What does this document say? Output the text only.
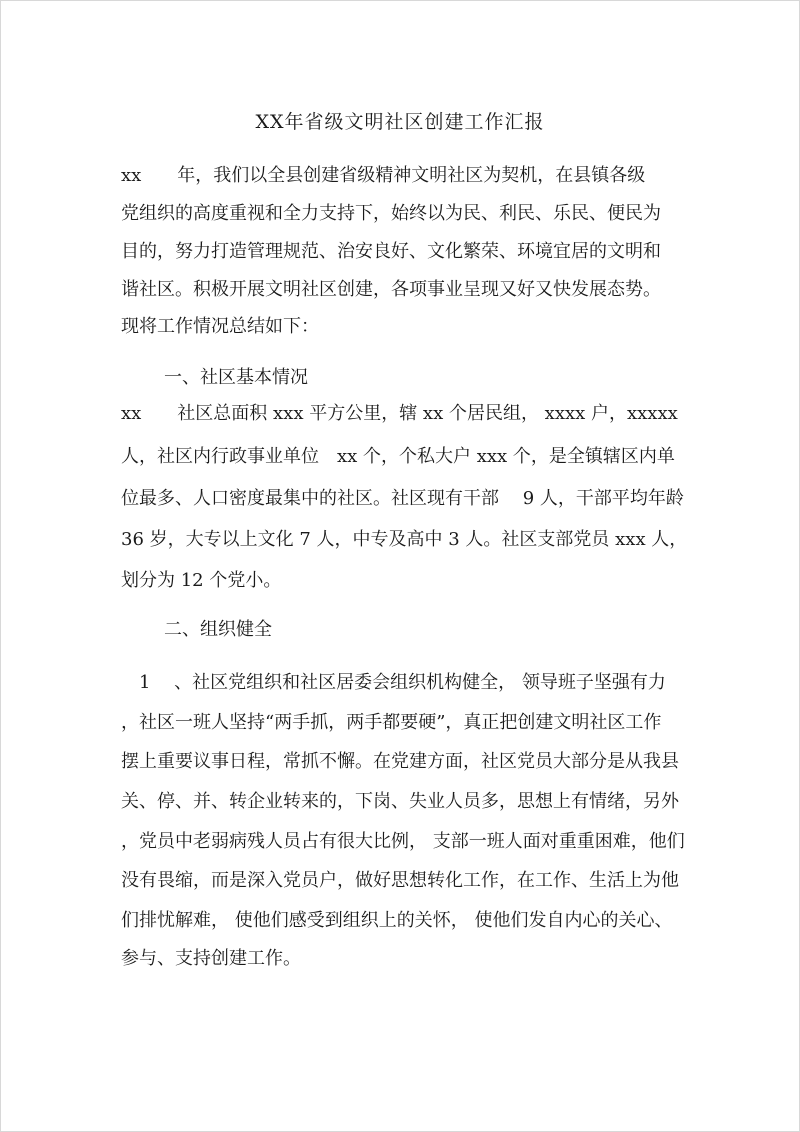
XX年省级文明社区创建工作汇报
xx　　年，我们以全县创建省级精神文明社区为契机，在县镇各级
党组织的高度重视和全力支持下，始终以为民、利民、乐民、便民为
目的，努力打造管理规范、治安良好、文化繁荣、环境宜居的文明和
谐社区。积极开展文明社区创建，各项事业呈现又好又快发展态势。
现将工作情况总结如下：
一、社区基本情况
xx　　社区总面积 xxx 平方公里，辖 xx 个居民组， xxxx 户，xxxxx
人，社区内行政事业单位　xx 个，个私大户 xxx 个，是全镇辖区内单
位最多、人口密度最集中的社区。社区现有干部　 9 人，干部平均年龄
36 岁，大专以上文化 7 人，中专及高中 3 人。社区支部党员 xxx 人，
划分为 12 个党小。
二、组织健全
　1　 、社区党组织和社区居委会组织机构健全， 领导班子坚强有力
，社区一班人坚持“两手抓，两手都要硬”，真正把创建文明社区工作
摆上重要议事日程，常抓不懈。在党建方面，社区党员大部分是从我县
关、停、并、转企业转来的，下岗、失业人员多，思想上有情绪，另外
，党员中老弱病残人员占有很大比例， 支部一班人面对重重困难，他们
没有畏缩，而是深入党员户，做好思想转化工作，在工作、生活上为他
们排忧解难， 使他们感受到组织上的关怀， 使他们发自内心的关心、
参与、支持创建工作。
